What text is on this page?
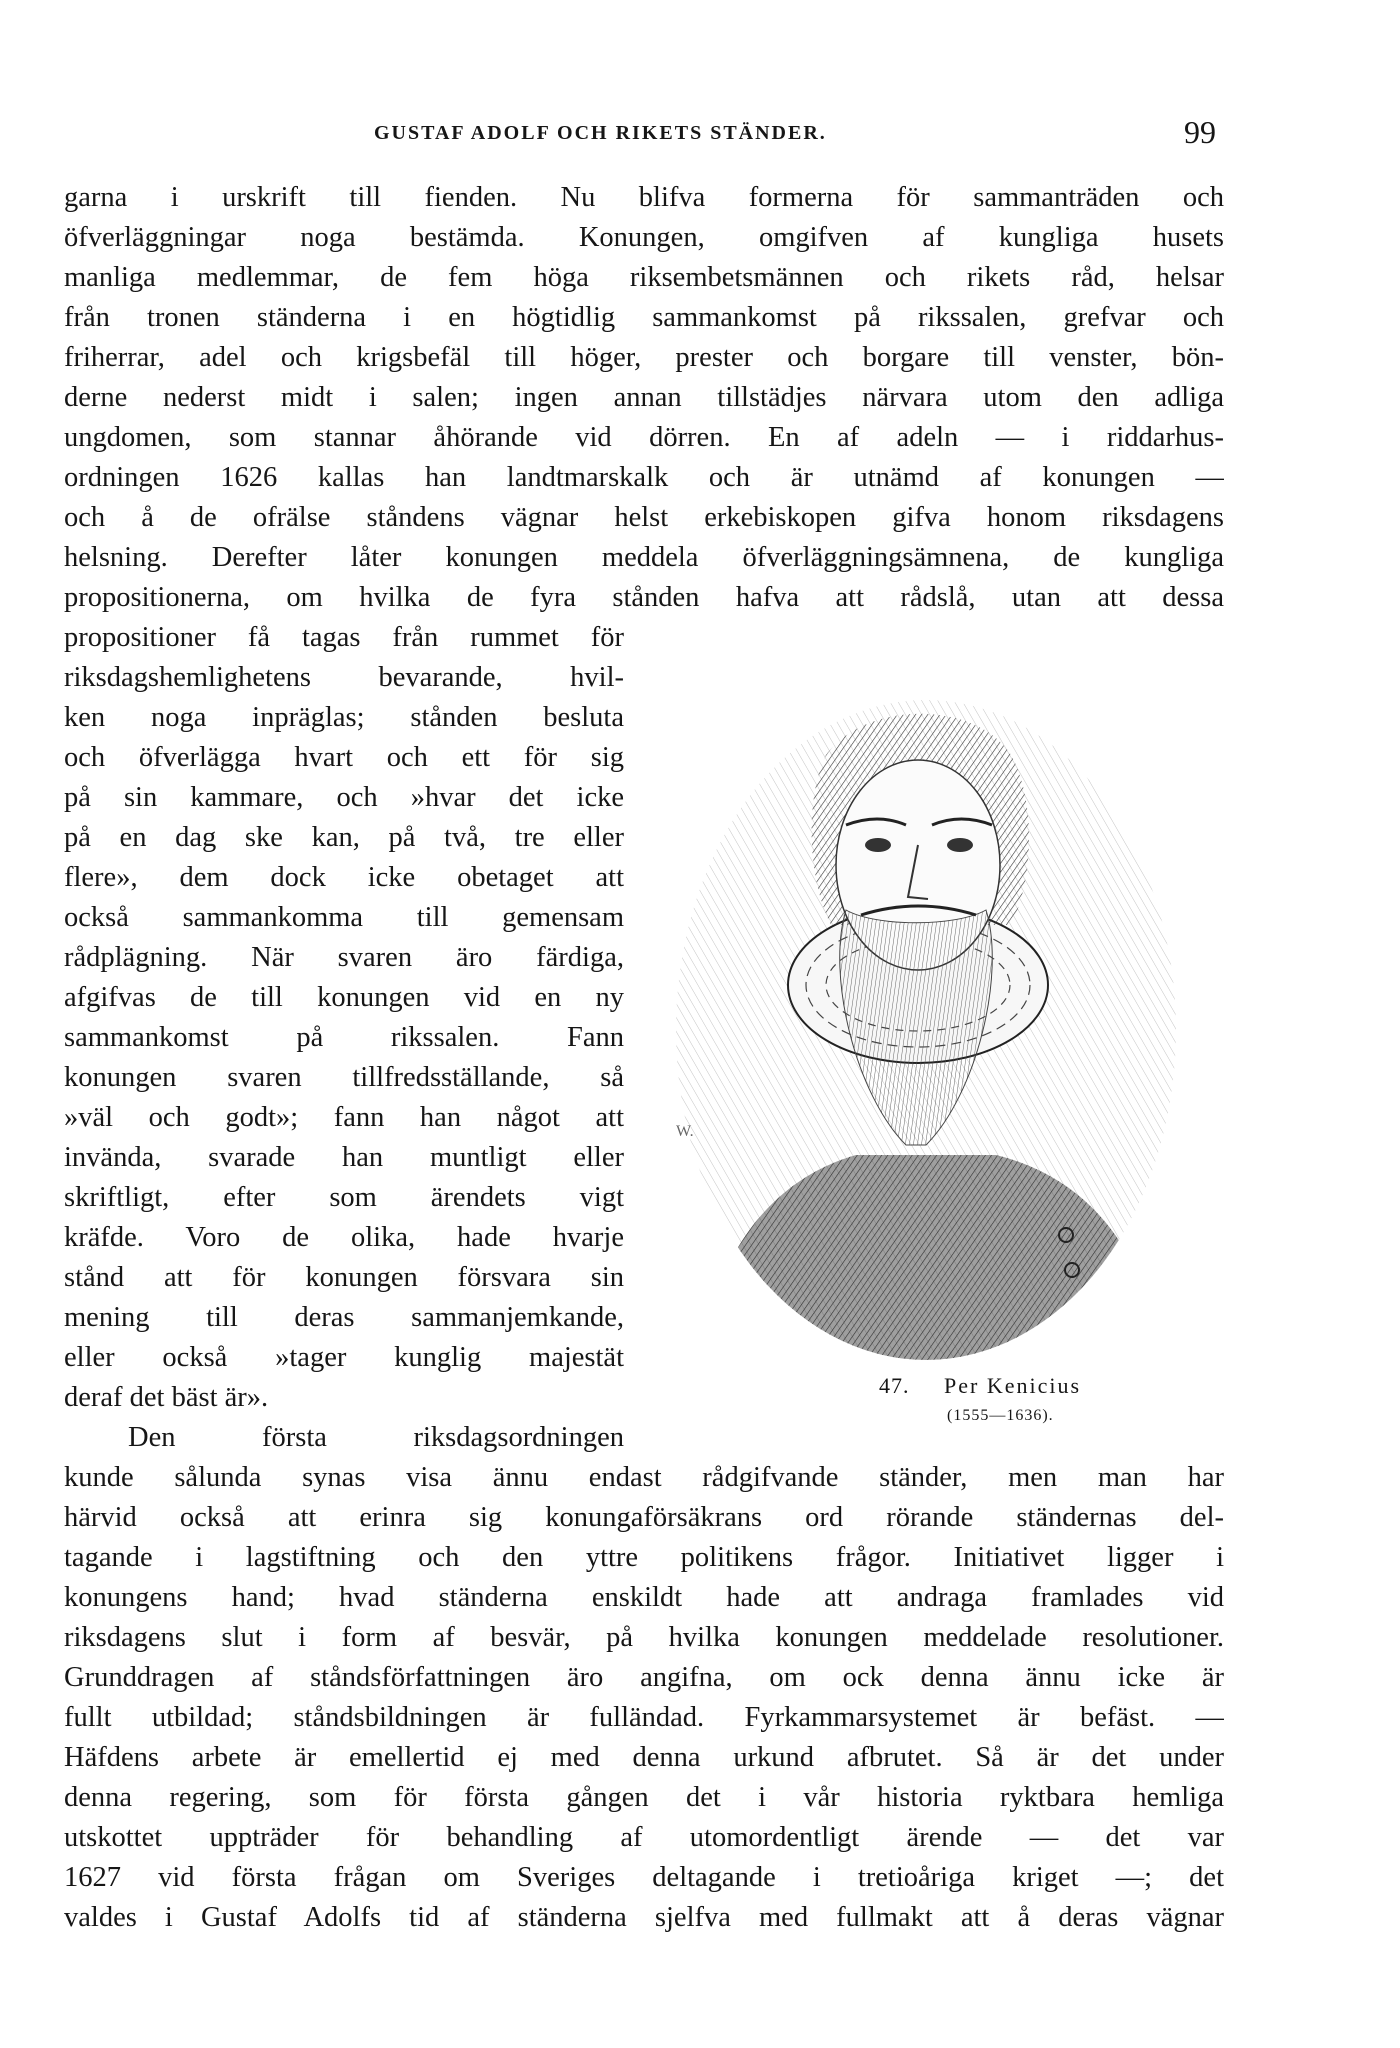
GUSTAF ADOLF OCH RIKETS STÄNDER.	99
garna i urskrift till fienden. Nu blifva formerna för sammanträden och
öfverläggningar noga bestämda. Konungen, omgifven af kungliga husets
manliga medlemmar, de fem höga riksembetsmännen och rikets råd, helsar
från tronen ständerna i en högtidlig sammankomst på rikssalen, grefvar och
friherrar, adel och krigsbefäl till höger, prester och borgare till venster, bön-
derne nederst midt i salen; ingen annan tillstädjes närvara utom den adliga
ungdomen, som stannar åhörande vid dörren. En af adeln — i riddarhus-
ordningen 1626 kallas han landtmarskalk och är utnämd af konungen —
och å de ofrälse ståndens vägnar helst erkebiskopen gifva honom riksdagens
helsning. Derefter låter konungen meddela öfverläggningsämnena, de kungliga
propositionerna, om hvilka de fyra stånden hafva att rådslå, utan att dessa
propositioner få tagas från rummet för
riksdagshemlighetens bevarande, hvil-
ken noga inpräglas; stånden besluta
och öfverlägga hvart och ett för sig
på sin kammare, och »hvar det icke
på en dag ske kan, på två, tre eller
flere», dem dock icke obetaget att
också sammankomma till gemensam
rådplägning. När svaren äro färdiga,
afgifvas de till konungen vid en ny
sammankomst på rikssalen. Fann
konungen svaren tillfredsställande, så
»väl och godt»; fann han något att
invända, svarade han muntligt eller
skriftligt, efter som ärendets vigt
kräfde. Voro de olika, hade hvarje
stånd att för konungen försvara sin
mening till deras sammanjemkande,
eller också »tager kunglig majestät
deraf det bäst är».
Den första riksdagsordningen
kunde sålunda synas visa ännu endast rådgifvande ständer, men man har
härvid också att erinra sig konungaförsäkrans ord rörande ständernas del-
tagande i lagstiftning och den yttre politikens frågor. Initiativet ligger i
konungens hand; hvad ständerna enskildt hade att andraga framlades vid
riksdagens slut i form af besvär, på hvilka konungen meddelade resolutioner.
Grunddragen af ståndsförfattningen äro angifna, om ock denna ännu icke är
fullt utbildad; ståndsbildningen är fulländad. Fyrkammarsystemet är befäst. —
Häfdens arbete är emellertid ej med denna urkund afbrutet. Så är det under
denna regering, som för första gången det i vår historia ryktbara hemliga
utskottet uppträder för behandling af utomordentligt ärende — det var
1627 vid första frågan om Sveriges deltagande i tretioåriga kriget —; det
valdes i Gustaf Adolfs tid af ständerna sjelfva med fullmakt att å deras vägnar
W.
47. Per Kenicius
(1555—1636).
